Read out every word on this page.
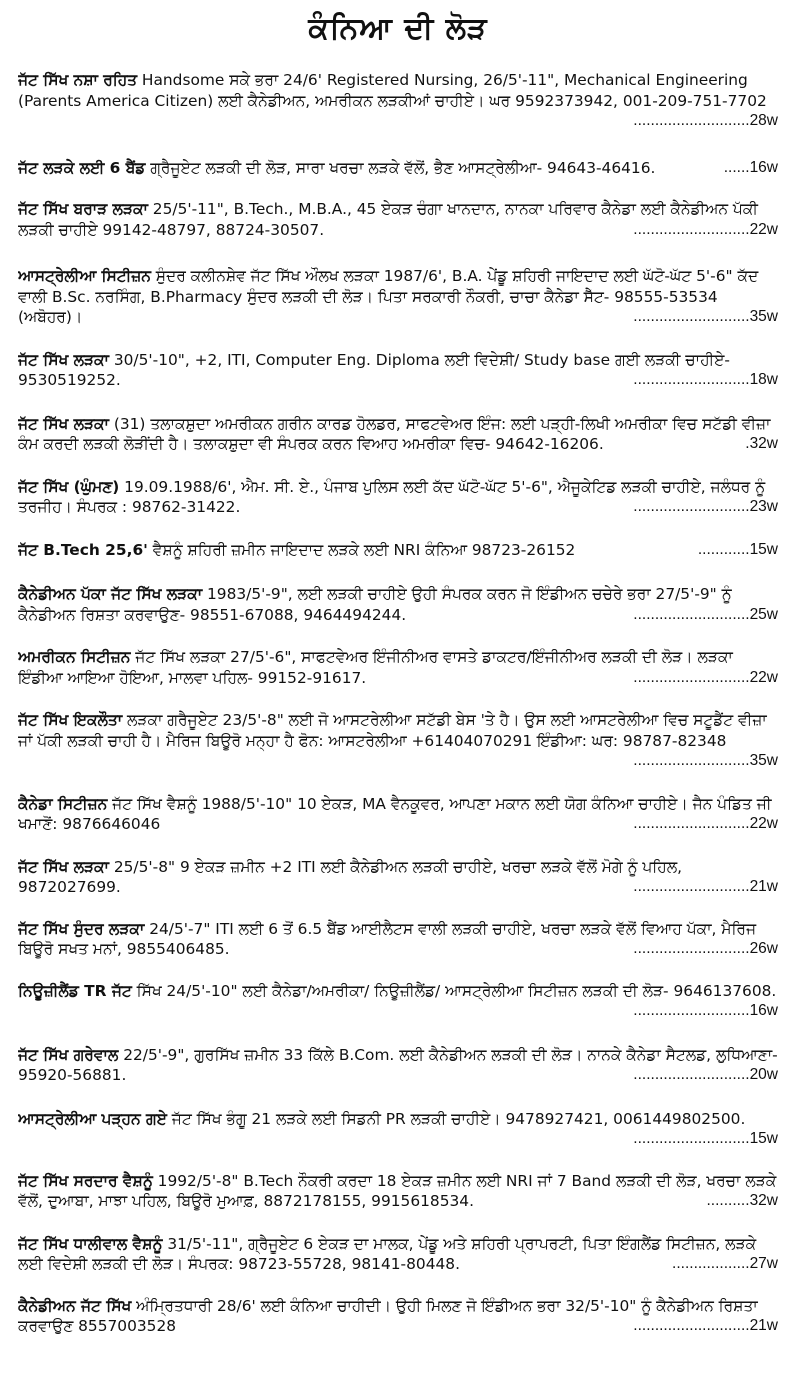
ਕੰਨਿਆ ਦੀ ਲੋੜ

ਜੱਟ ਸਿੱਖ ਨਸ਼ਾ ਰਹਿਤ Handsome ਸਕੇ ਭਰਾ 24/6' Registered Nursing, 26/5'-11", Mechanical Engineering (Parents America Citizen) ਲਈ ਕੈਨੇਡੀਅਨ, ਅਮਰੀਕਨ ਲੜਕੀਆਂ ਚਾਹੀਏ। ਘਰ 9592373942, 001-209-751-7702
...........................28w

ਜੱਟ ਲੜਕੇ ਲਈ 6 ਬੈਂਡ ਗ੍ਰੈਜੂਏਟ ਲੜਕੀ ਦੀ ਲੋੜ, ਸਾਰਾ ਖਰਚਾ ਲੜਕੇ ਵੱਲੋਂ, ਭੈਣ ਆਸਟ੍ਰੇਲੀਆ- 94643-46416.	......16w

ਜੱਟ ਸਿੱਖ ਬਰਾੜ ਲੜਕਾ 25/5'-11", B.Tech., M.B.A., 45 ਏਕੜ ਚੰਗਾ ਖਾਨਦਾਨ, ਨਾਨਕਾ ਪਰਿਵਾਰ ਕੈਨੇਡਾ ਲਈ ਕੈਨੇਡੀਅਨ ਪੱਕੀ ਲੜਕੀ ਚਾਹੀਏ 99142-48797, 88724-30507.	...........................22w

ਆਸਟ੍ਰੇਲੀਆ ਸਿਟੀਜ਼ਨ ਸੁੰਦਰ ਕਲੀਨਸ਼ੇਵ ਜੱਟ ਸਿੱਖ ਔਲਖ ਲੜਕਾ 1987/6', B.A. ਪੇਂਡੂ ਸ਼ਹਿਰੀ ਜਾਇਦਾਦ ਲਈ ਘੱਟੋ-ਘੱਟ 5'-6" ਕੱਦ ਵਾਲੀ B.Sc. ਨਰਸਿੰਗ, B.Pharmacy ਸੁੰਦਰ ਲੜਕੀ ਦੀ ਲੋੜ। ਪਿਤਾ ਸਰਕਾਰੀ ਨੌਕਰੀ, ਚਾਚਾ ਕੈਨੇਡਾ ਸੈੱਟ- 98555-53534 (ਅਬੋਹਰ)।	...........................35w

ਜੱਟ ਸਿੱਖ ਲੜਕਾ 30/5'-10", +2, ITI, Computer Eng. Diploma ਲਈ ਵਿਦੇਸ਼ੀ/ Study base ਗਈ ਲੜਕੀ ਚਾਹੀਏ- 9530519252.	...........................18w

ਜੱਟ ਸਿੱਖ ਲੜਕਾ (31) ਤਲਾਕਸ਼ੁਦਾ ਅਮਰੀਕਨ ਗਰੀਨ ਕਾਰਡ ਹੋਲਡਰ, ਸਾਫਟਵੇਅਰ ਇੰਜ: ਲਈ ਪੜ੍ਹੀ-ਲਿਖੀ ਅਮਰੀਕਾ ਵਿਚ ਸਟੱਡੀ ਵੀਜ਼ਾ ਕੰਮ ਕਰਦੀ ਲੜਕੀ ਲੋੜੀਂਦੀ ਹੈ। ਤਲਾਕਸ਼ੁਦਾ ਵੀ ਸੰਪਰਕ ਕਰਨ ਵਿਆਹ ਅਮਰੀਕਾ ਵਿਚ- 94642-16206.	.32w

ਜੱਟ ਸਿੱਖ (ਘੁੰਮਣ) 19.09.1988/6', ਐਮ. ਸੀ. ਏ., ਪੰਜਾਬ ਪੁਲਿਸ ਲਈ ਕੱਦ ਘੱਟੋ-ਘੱਟ 5'-6", ਐਜੂਕੇਟਿਡ ਲੜਕੀ ਚਾਹੀਏ, ਜਲੰਧਰ ਨੂੰ ਤਰਜੀਹ। ਸੰਪਰਕ : 98762-31422.	...........................23w

ਜੱਟ B.Tech 25,6' ਵੈਸ਼ਨੂੰ ਸ਼ਹਿਰੀ ਜ਼ਮੀਨ ਜਾਇਦਾਦ ਲੜਕੇ ਲਈ NRI ਕੰਨਿਆ 98723-26152	............15w

ਕੈਨੇਡੀਅਨ ਪੱਕਾ ਜੱਟ ਸਿੱਖ ਲੜਕਾ 1983/5'-9", ਲਈ ਲੜਕੀ ਚਾਹੀਏ ਉਹੀ ਸੰਪਰਕ ਕਰਨ ਜੋ ਇੰਡੀਅਨ ਚਚੇਰੇ ਭਰਾ 27/5'-9" ਨੂੰ ਕੈਨੇਡੀਅਨ ਰਿਸ਼ਤਾ ਕਰਵਾਉਣ- 98551-67088, 9464494244.	...........................25w

ਅਮਰੀਕਨ ਸਿਟੀਜ਼ਨ ਜੱਟ ਸਿੱਖ ਲੜਕਾ 27/5'-6", ਸਾਫਟਵੇਅਰ ਇੰਜੀਨੀਅਰ ਵਾਸਤੇ ਡਾਕਟਰ/ਇੰਜੀਨੀਅਰ ਲੜਕੀ ਦੀ ਲੋੜ। ਲੜਕਾ ਇੰਡੀਆ ਆਇਆ ਹੋਇਆ, ਮਾਲਵਾ ਪਹਿਲ- 99152-91617.	...........................22w

ਜੱਟ ਸਿੱਖ ਇਕਲੌਤਾ ਲੜਕਾ ਗਰੈਜੂਏਟ 23/5'-8" ਲਈ ਜੋ ਆਸਟਰੇਲੀਆ ਸਟੱਡੀ ਬੇਸ 'ਤੇ ਹੈ। ਉਸ ਲਈ ਆਸਟਰੇਲੀਆ ਵਿਚ ਸਟੂਡੈਂਟ ਵੀਜ਼ਾ ਜਾਂ ਪੱਕੀ ਲੜਕੀ ਚਾਹੀ ਹੈ। ਮੈਰਿਜ ਬਿਊਰੋ ਮਨ੍ਹਾ ਹੈ ਫੋਨ: ਆਸਟਰੇਲੀਆ +61404070291 ਇੰਡੀਆ: ਘਰ: 98787-82348
...........................35w

ਕੈਨੇਡਾ ਸਿਟੀਜ਼ਨ ਜੱਟ ਸਿੱਖ ਵੈਸ਼ਨੂੰ 1988/5'-10" 10 ਏਕੜ, MA ਵੈਨਕੂਵਰ, ਆਪਣਾ ਮਕਾਨ ਲਈ ਯੋਗ ਕੰਨਿਆ ਚਾਹੀਏ। ਜੈਨ ਪੰਡਿਤ ਜੀ ਖਮਾਣੋਂ: 9876646046	...........................22w

ਜੱਟ ਸਿੱਖ ਲੜਕਾ 25/5'-8" 9 ਏਕੜ ਜ਼ਮੀਨ +2 ITI ਲਈ ਕੈਨੇਡੀਅਨ ਲੜਕੀ ਚਾਹੀਏ, ਖਰਚਾ ਲੜਕੇ ਵੱਲੋਂ ਮੋਗੇ ਨੂੰ ਪਹਿਲ, 9872027699.	...........................21w

ਜੱਟ ਸਿੱਖ ਸੁੰਦਰ ਲੜਕਾ 24/5'-7" ITI ਲਈ 6 ਤੋਂ 6.5 ਬੈਂਡ ਆਈਲੈਟਸ ਵਾਲੀ ਲੜਕੀ ਚਾਹੀਏ, ਖਰਚਾ ਲੜਕੇ ਵੱਲੋਂ ਵਿਆਹ ਪੱਕਾ, ਮੈਰਿਜ ਬਿਊਰੋ ਸਖਤ ਮਨਾਂ, 9855406485.	...........................26w

ਨਿਊਜ਼ੀਲੈਂਡ TR ਜੱਟ ਸਿੱਖ 24/5'-10" ਲਈ ਕੈਨੇਡਾ/ਅਮਰੀਕਾ/ ਨਿਊਜ਼ੀਲੈਂਡ/ ਆਸਟ੍ਰੇਲੀਆ ਸਿਟੀਜ਼ਨ ਲੜਕੀ ਦੀ ਲੋੜ- 9646137608.
...........................16w

ਜੱਟ ਸਿੱਖ ਗਰੇਵਾਲ 22/5'-9", ਗੁਰਸਿੱਖ ਜ਼ਮੀਨ 33 ਕਿੱਲੇ B.Com. ਲਈ ਕੈਨੇਡੀਅਨ ਲੜਕੀ ਦੀ ਲੋੜ। ਨਾਨਕੇ ਕੈਨੇਡਾ ਸੈਟਲਡ, ਲੁਧਿਆਣਾ- 95920-56881.	...........................20w

ਆਸਟ੍ਰੇਲੀਆ ਪੜ੍ਹਨ ਗਏ ਜੱਟ ਸਿੱਖ ਭੰਗੂ 21 ਲੜਕੇ ਲਈ ਸਿਡਨੀ PR ਲੜਕੀ ਚਾਹੀਏ। 9478927421, 0061449802500.
...........................15w

ਜੱਟ ਸਿੱਖ ਸਰਦਾਰ ਵੈਸ਼ਨੂੰ 1992/5'-8" B.Tech ਨੌਕਰੀ ਕਰਦਾ 18 ਏਕੜ ਜ਼ਮੀਨ ਲਈ NRI ਜਾਂ 7 Band ਲੜਕੀ ਦੀ ਲੋੜ, ਖਰਚਾ ਲੜਕੇ ਵੱਲੋਂ, ਦੁਆਬਾ, ਮਾਝਾ ਪਹਿਲ, ਬਿਊਰੋ ਮੁਆਫ਼, 8872178155, 9915618534.	..........32w

ਜੱਟ ਸਿੱਖ ਧਾਲੀਵਾਲ ਵੈਸ਼ਨੂੰ 31/5'-11", ਗ੍ਰੈਜੂਏਟ 6 ਏਕੜ ਦਾ ਮਾਲਕ, ਪੇਂਡੂ ਅਤੇ ਸ਼ਹਿਰੀ ਪ੍ਰਾਪਰਟੀ, ਪਿਤਾ ਇੰਗਲੈਂਡ ਸਿਟੀਜ਼ਨ, ਲੜਕੇ ਲਈ ਵਿਦੇਸ਼ੀ ਲੜਕੀ ਦੀ ਲੋੜ। ਸੰਪਰਕ: 98723-55728, 98141-80448.	..................27w

ਕੈਨੇਡੀਅਨ ਜੱਟ ਸਿੱਖ ਅੰਮ੍ਰਿਤਧਾਰੀ 28/6' ਲਈ ਕੰਨਿਆ ਚਾਹੀਦੀ। ਉਹੀ ਮਿਲਣ ਜੋ ਇੰਡੀਅਨ ਭਰਾ 32/5'-10" ਨੂੰ ਕੈਨੇਡੀਅਨ ਰਿਸ਼ਤਾ ਕਰਵਾਉਣ 8557003528	...........................21w
